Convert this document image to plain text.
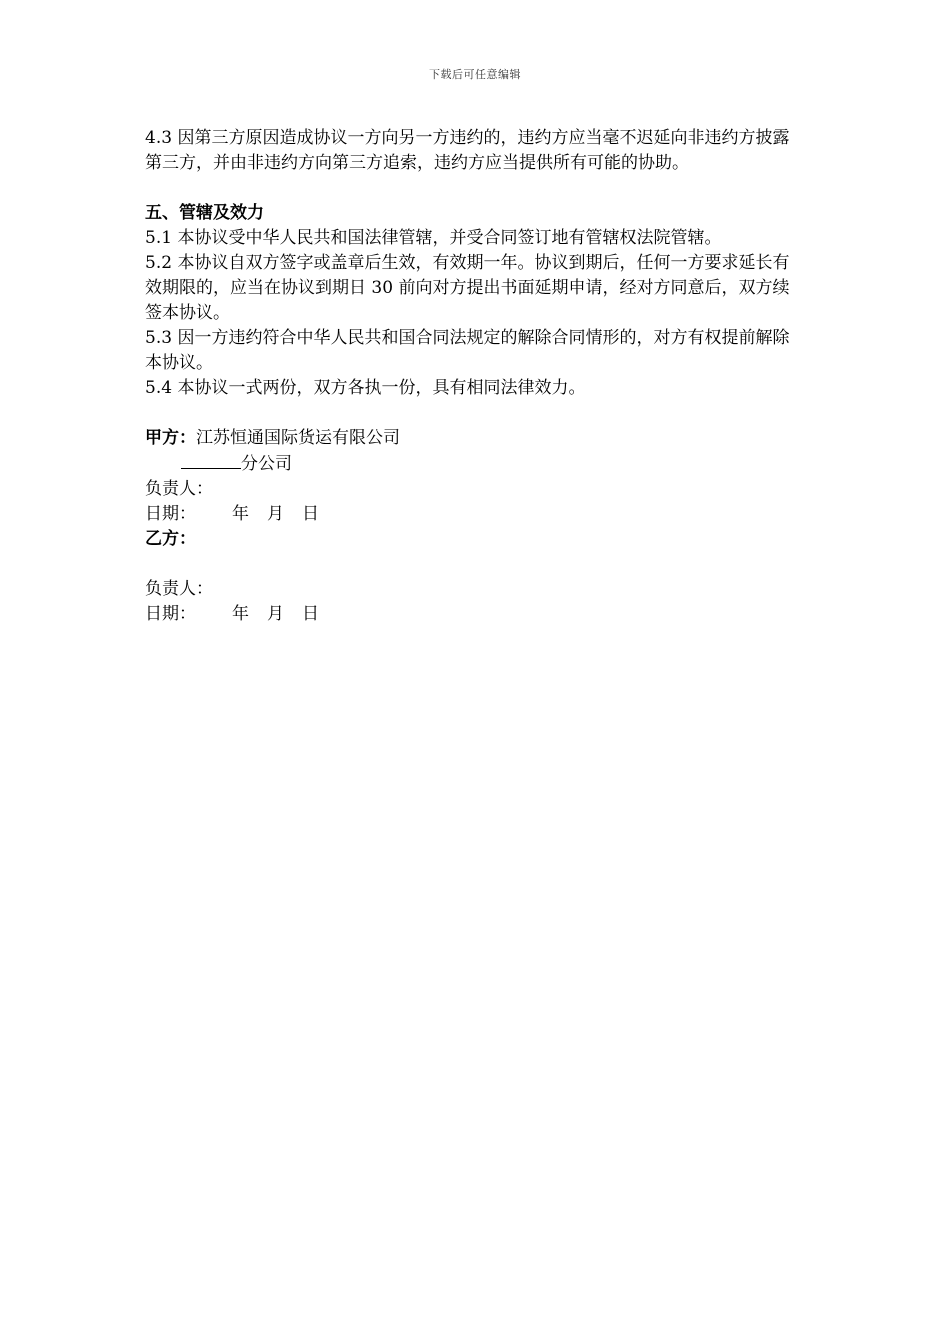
下载后可任意编辑

4.3 因第三方原因造成协议一方向另一方违约的，违约方应当毫不迟延向非违约方披露第三方，并由非违约方向第三方追索，违约方应当提供所有可能的协助。

五、管辖及效力

5.1 本协议受中华人民共和国法律管辖，并受合同签订地有管辖权法院管辖。

5.2 本协议自双方签字或盖章后生效，有效期一年。协议到期后，任何一方要求延长有效期限的，应当在协议到期日 30 前向对方提出书面延期申请，经对方同意后，双方续签本协议。

5.3 因一方违约符合中华人民共和国合同法规定的解除合同情形的，对方有权提前解除本协议。

5.4 本协议一式两份，双方各执一份，具有相同法律效力。

甲方：江苏恒通国际货运有限公司
分公司
负责人：
日期： 年 月 日
乙方：
负责人：
日期： 年 月 日
